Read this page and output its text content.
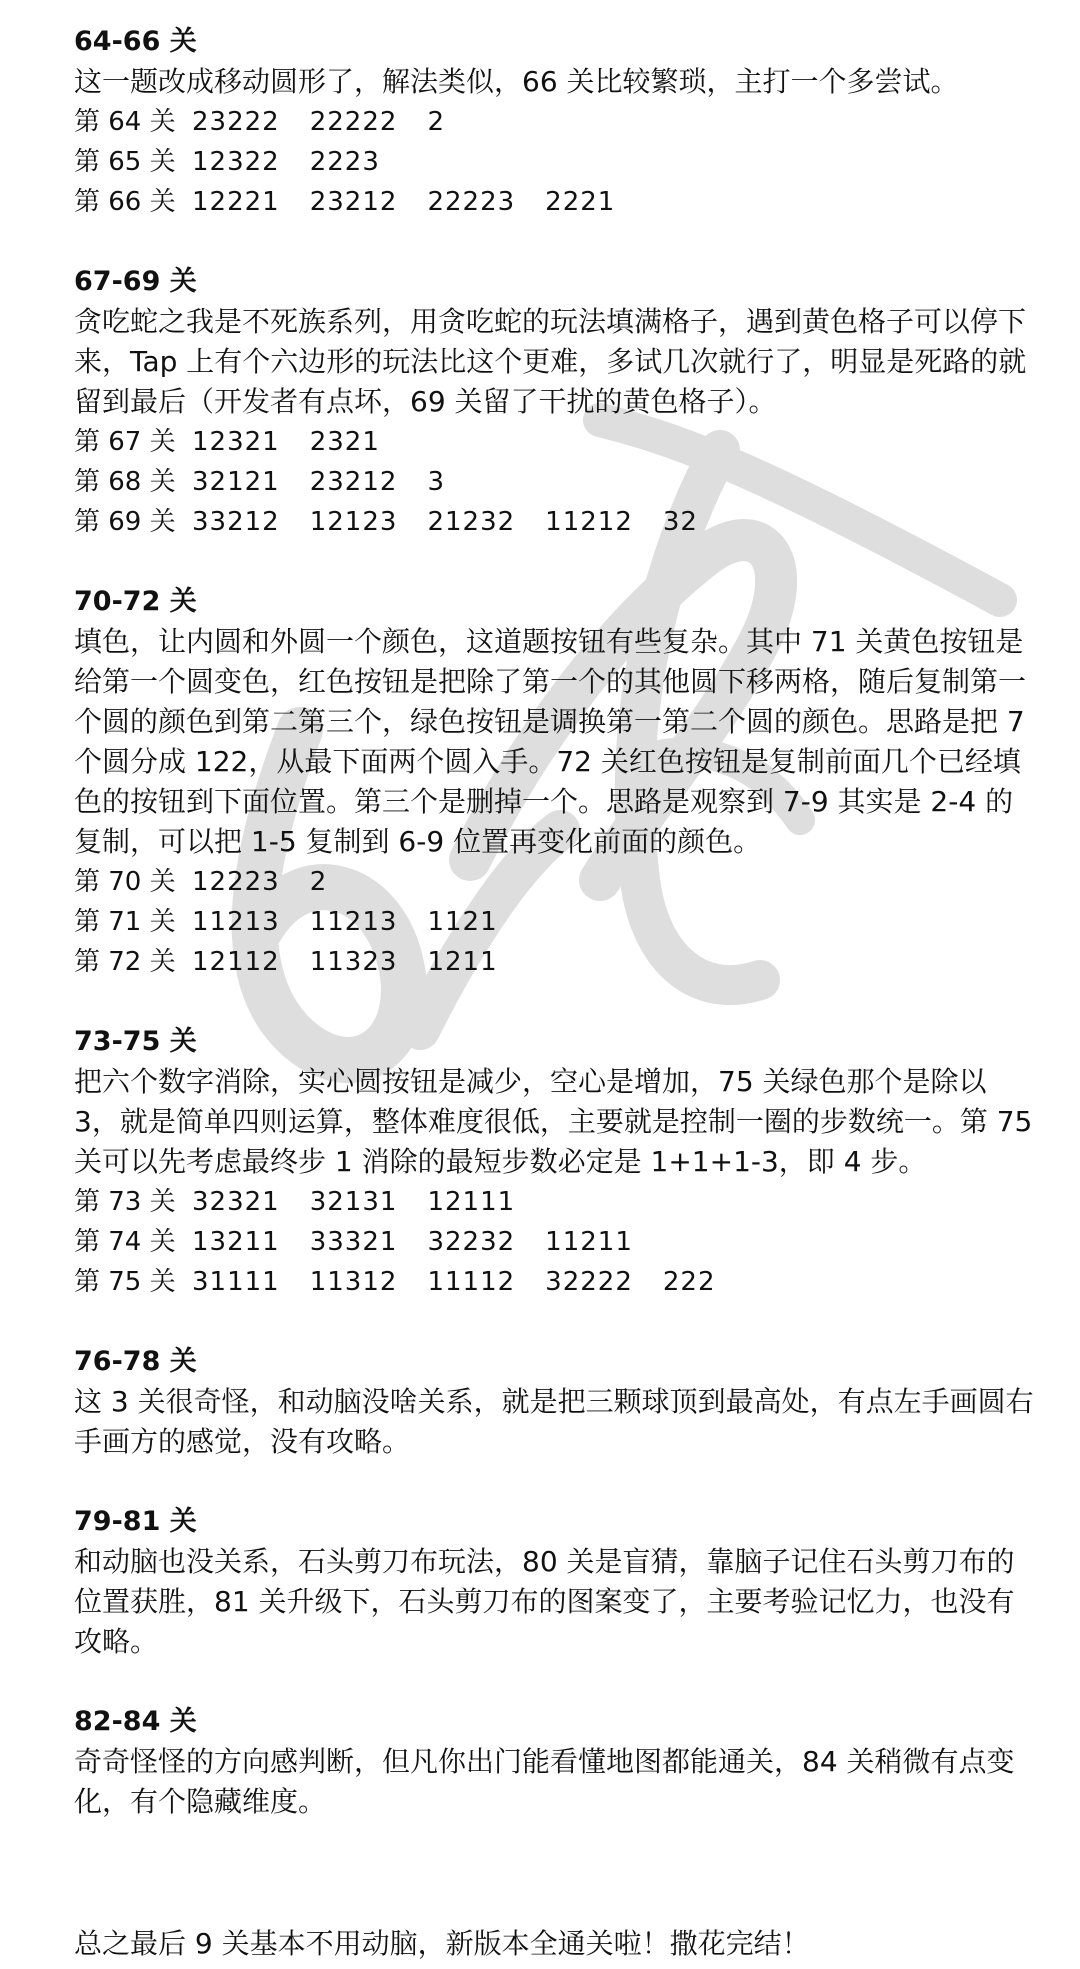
64-66 关

这一题改成移动圆形了，解法类似，66 关比较繁琐，主打一个多尝试。

第 64 关 23222 22222 2
第 65 关 12322 2223
第 66 关 12221 23212 22223 2221
67-69 关

贪吃蛇之我是不死族系列，用贪吃蛇的玩法填满格子，遇到黄色格子可以停下来，Tap 上有个六边形的玩法比这个更难，多试几次就行了，明显是死路的就留到最后（开发者有点坏，69 关留了干扰的黄色格子）。

第 67 关 12321 2321
第 68 关 32121 23212 3
第 69 关 33212 12123 21232 11212 32
70-72 关

填色，让内圆和外圆一个颜色，这道题按钮有些复杂。其中 71 关黄色按钮是给第一个圆变色，红色按钮是把除了第一个的其他圆下移两格，随后复制第一个圆的颜色到第二第三个，绿色按钮是调换第一第二个圆的颜色。思路是把 7 个圆分成 122，从最下面两个圆入手。72 关红色按钮是复制前面几个已经填色的按钮到下面位置。第三个是删掉一个。思路是观察到 7-9 其实是 2-4 的复制，可以把 1-5 复制到 6-9 位置再变化前面的颜色。

第 70 关 12223 2
第 71 关 11213 11213 1121
第 72 关 12112 11323 1211
73-75 关

把六个数字消除，实心圆按钮是减少，空心是增加，75 关绿色那个是除以 3，就是简单四则运算，整体难度很低，主要就是控制一圈的步数统一。第 75 关可以先考虑最终步 1 消除的最短步数必定是 1+1+1-3，即 4 步。

第 73 关 32321 32131 12111
第 74 关 13211 33321 32232 11211
第 75 关 31111 11312 11112 32222 222
76-78 关

这 3 关很奇怪，和动脑没啥关系，就是把三颗球顶到最高处，有点左手画圆右手画方的感觉，没有攻略。

79-81 关

和动脑也没关系，石头剪刀布玩法，80 关是盲猜，靠脑子记住石头剪刀布的位置获胜，81 关升级下，石头剪刀布的图案变了，主要考验记忆力，也没有攻略。

82-84 关

奇奇怪怪的方向感判断，但凡你出门能看懂地图都能通关，84 关稍微有点变化，有个隐藏维度。

总之最后 9 关基本不用动脑，新版本全通关啦！撒花完结！
